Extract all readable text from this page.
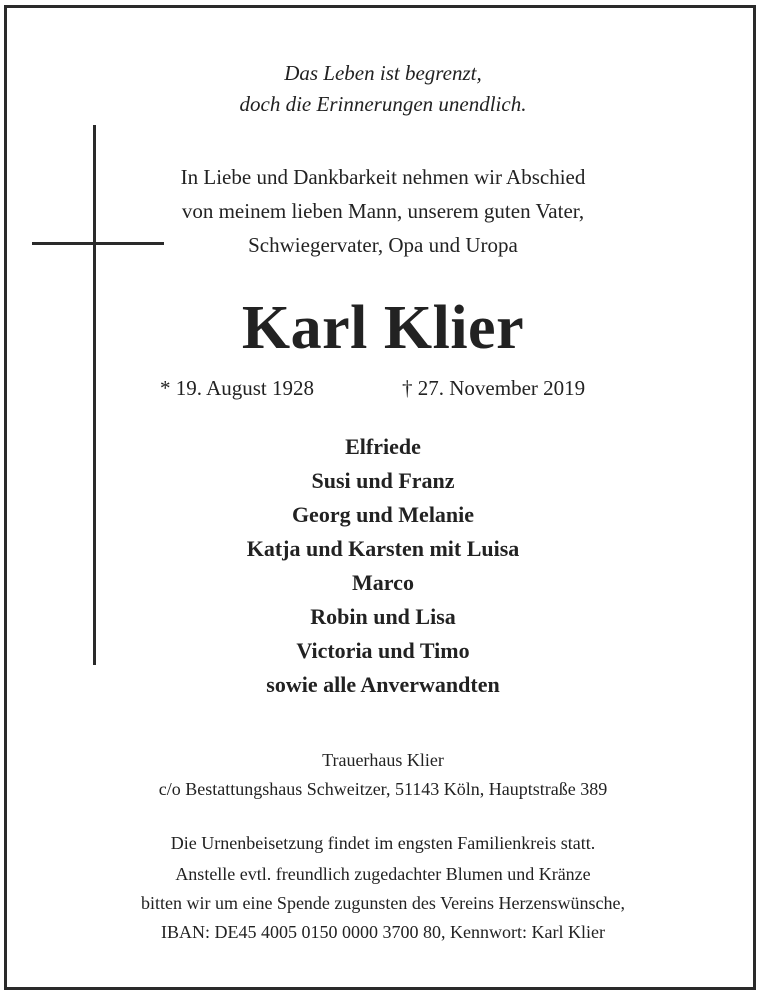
Das Leben ist begrenzt,
doch die Erinnerungen unendlich.
In Liebe und Dankbarkeit nehmen wir Abschied
von meinem lieben Mann, unserem guten Vater,
Schwiegervater, Opa und Uropa
Karl Klier
* 19. August 1928	† 27. November 2019
Elfriede
Susi und Franz
Georg und Melanie
Katja und Karsten mit Luisa
Marco
Robin und Lisa
Victoria und Timo
sowie alle Anverwandten
Trauerhaus Klier
c/o Bestattungshaus Schweitzer, 51143 Köln, Hauptstraße 389
Die Urnenbeisetzung findet im engsten Familienkreis statt.
Anstelle evtl. freundlich zugedachter Blumen und Kränze
bitten wir um eine Spende zugunsten des Vereins Herzenswünsche,
IBAN: DE45 4005 0150 0000 3700 80, Kennwort: Karl Klier
